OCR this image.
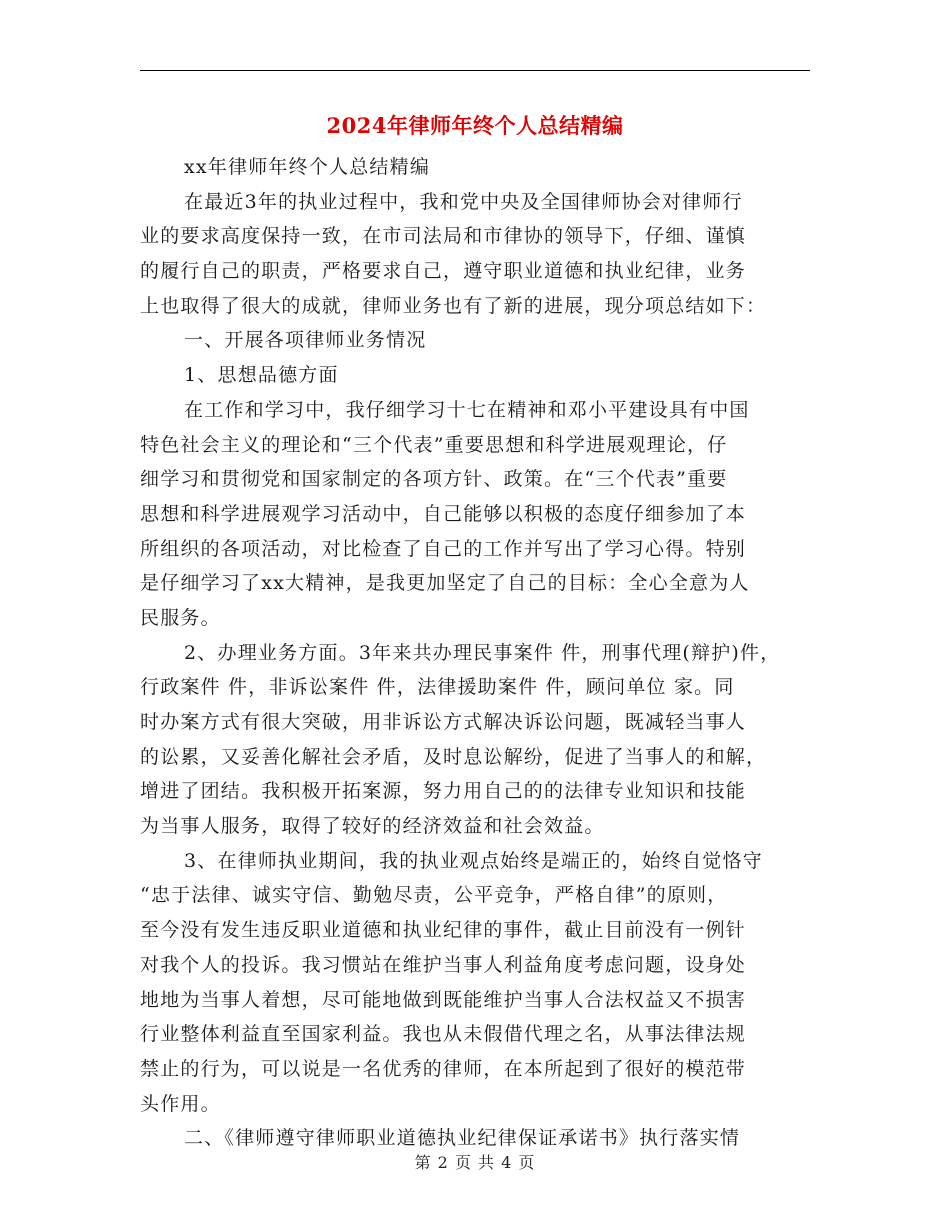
2024年律师年终个人总结精编
xx年律师年终个人总结精编
在最近3年的执业过程中，我和党中央及全国律师协会对律师行
业的要求高度保持一致，在市司法局和市律协的领导下，仔细、谨慎
的履行自己的职责，严格要求自己，遵守职业道德和执业纪律，业务
上也取得了很大的成就，律师业务也有了新的进展，现分项总结如下：
一、开展各项律师业务情况
1、思想品德方面
在工作和学习中，我仔细学习十七在精神和邓小平建设具有中国
特色社会主义的理论和“三个代表”重要思想和科学进展观理论，仔
细学习和贯彻党和国家制定的各项方针、政策。在“三个代表”重要
思想和科学进展观学习活动中，自己能够以积极的态度仔细参加了本
所组织的各项活动，对比检查了自己的工作并写出了学习心得。特别
是仔细学习了xx大精神，是我更加坚定了自己的目标：全心全意为人
民服务。
2、办理业务方面。3年来共办理民事案件 件，刑事代理(辩护)件，
行政案件 件，非诉讼案件 件，法律援助案件 件，顾问单位 家。同
时办案方式有很大突破，用非诉讼方式解决诉讼问题，既减轻当事人
的讼累，又妥善化解社会矛盾，及时息讼解纷，促进了当事人的和解，
增进了团结。我积极开拓案源，努力用自己的的法律专业知识和技能
为当事人服务，取得了较好的经济效益和社会效益。
3、在律师执业期间，我的执业观点始终是端正的，始终自觉恪守
“忠于法律、诚实守信、勤勉尽责，公平竞争，严格自律”的原则，
至今没有发生违反职业道德和执业纪律的事件，截止目前没有一例针
对我个人的投诉。我习惯站在维护当事人利益角度考虑问题，设身处
地地为当事人着想，尽可能地做到既能维护当事人合法权益又不损害
行业整体利益直至国家利益。我也从未假借代理之名，从事法律法规
禁止的行为，可以说是一名优秀的律师，在本所起到了很好的模范带
头作用。
二、《律师遵守律师职业道德执业纪律保证承诺书》执行落实情
第 2 页 共 4 页
